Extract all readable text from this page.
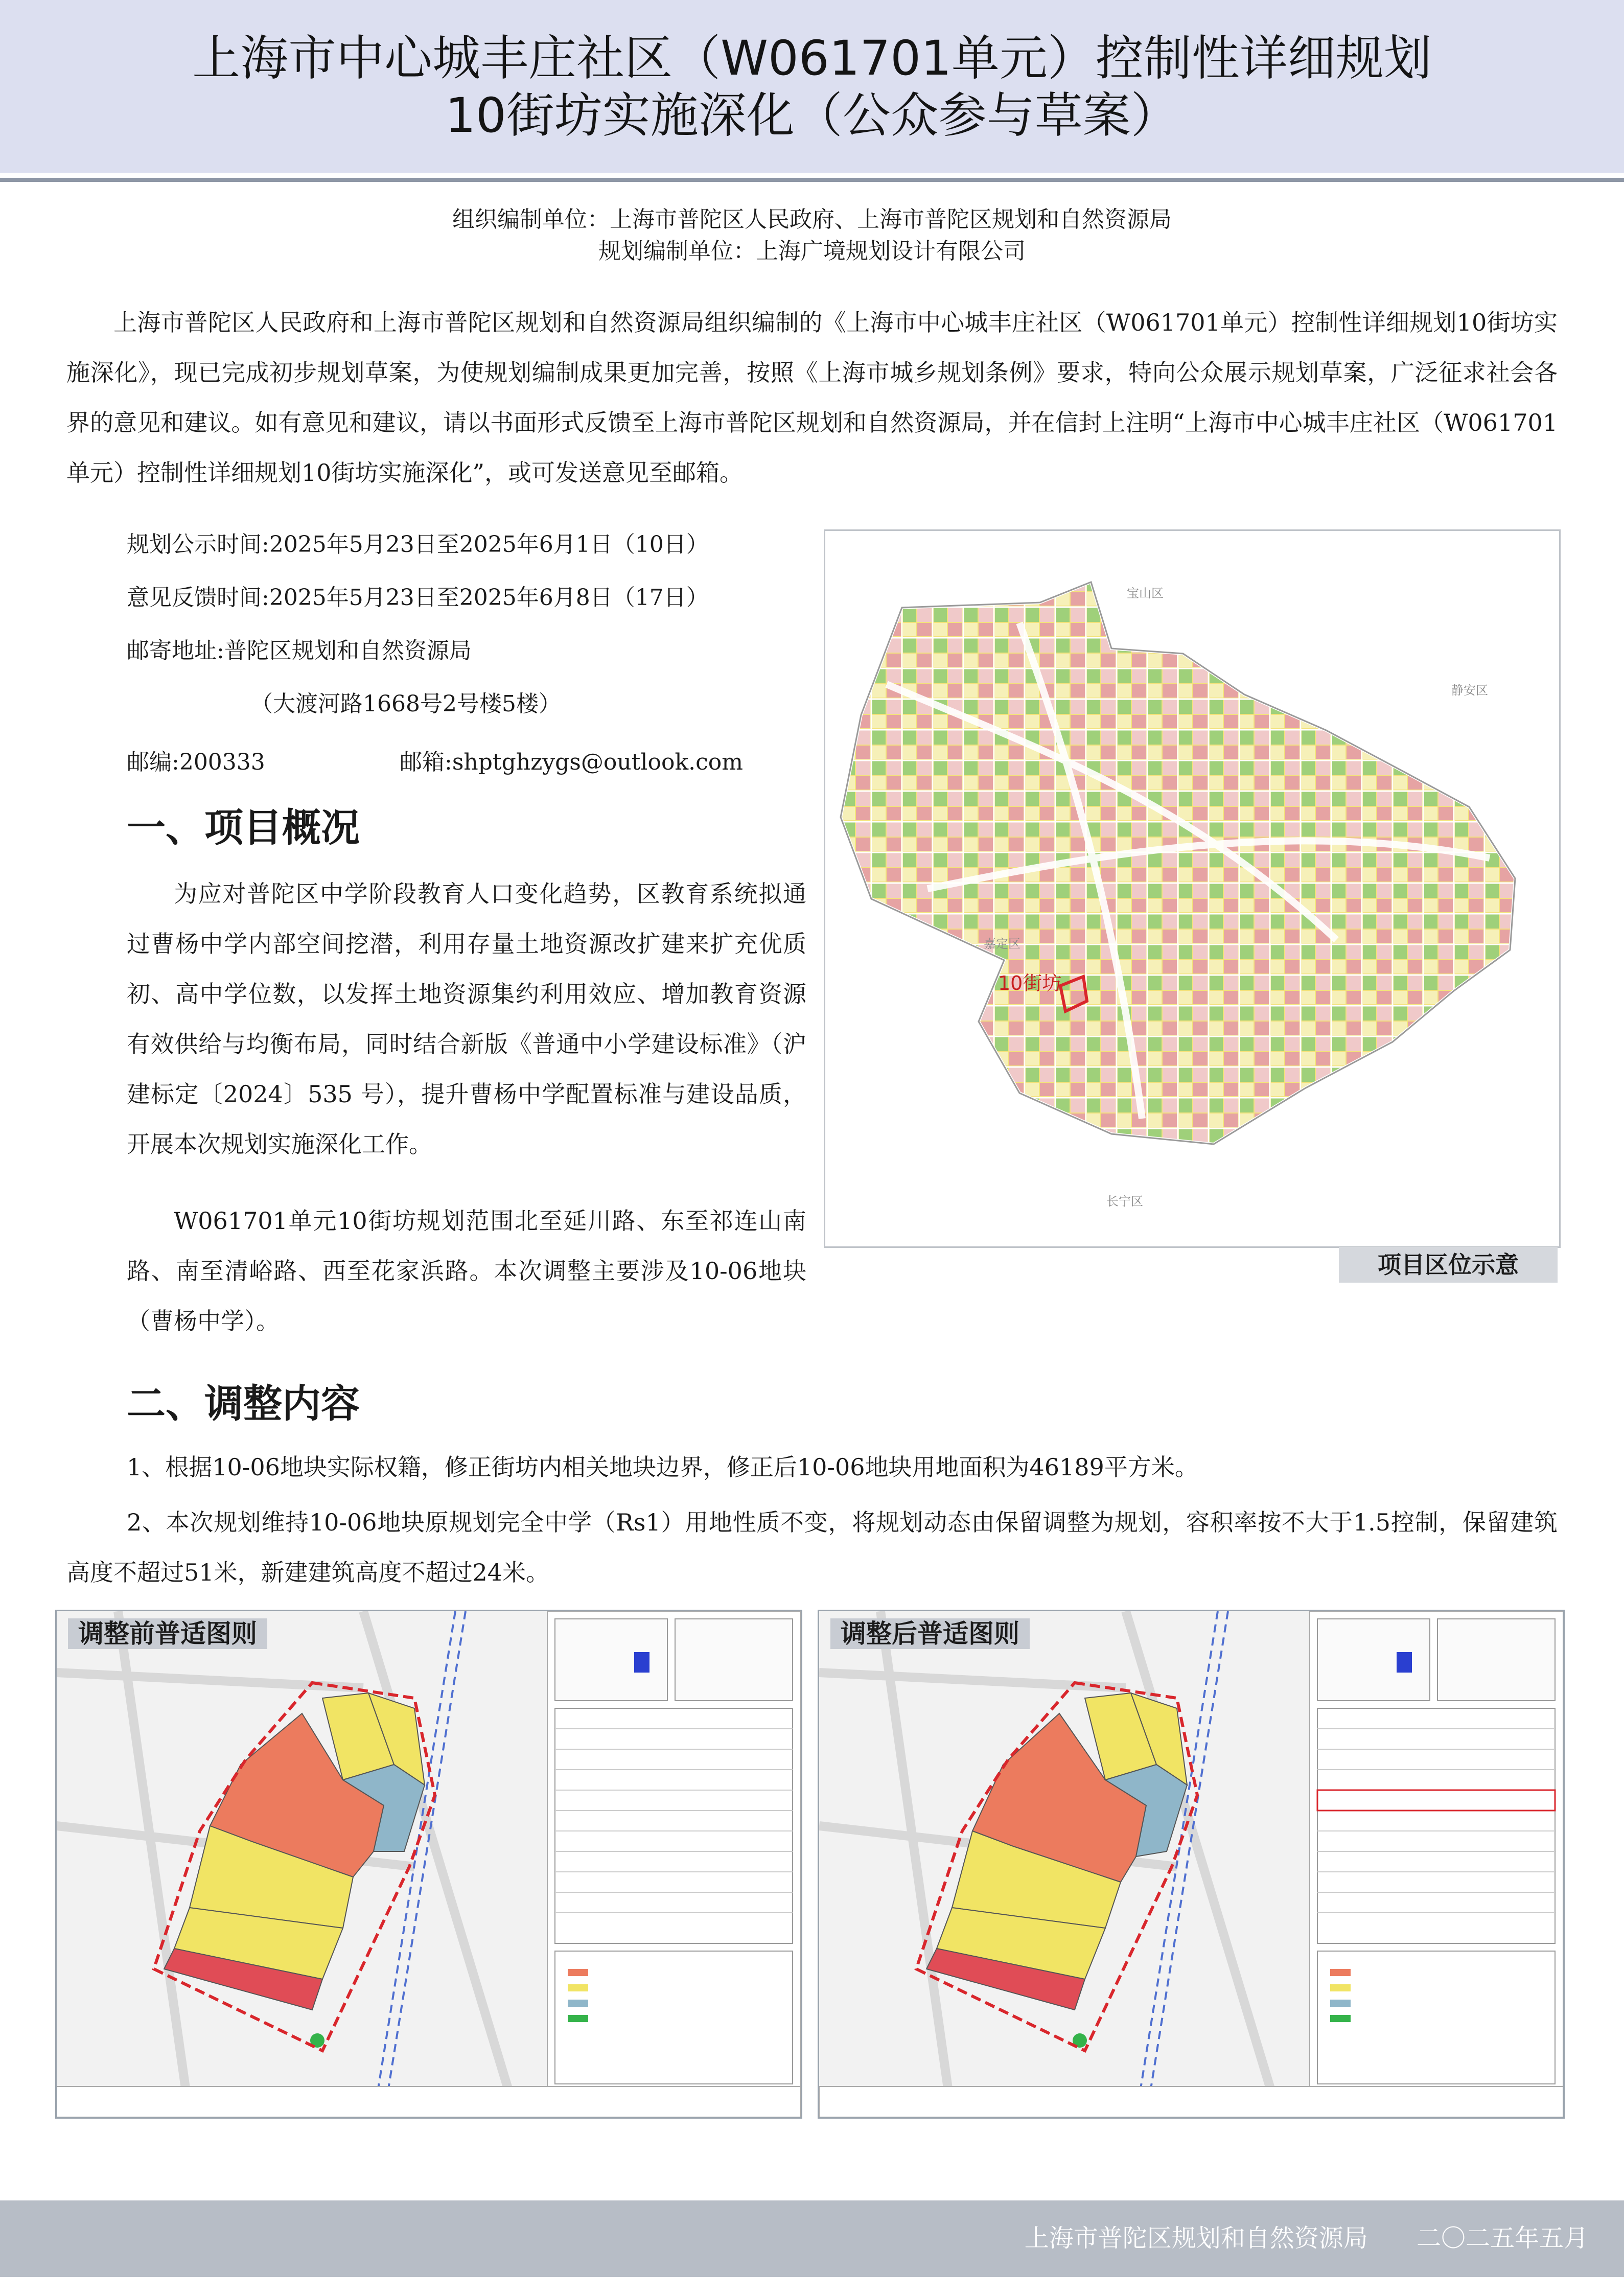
上海市中心城丰庄社区（W061701单元）控制性详细规划
10街坊实施深化（公众参与草案）
组织编制单位：上海市普陀区人民政府、上海市普陀区规划和自然资源局
规划编制单位：上海广境规划设计有限公司
上海市普陀区人民政府和上海市普陀区规划和自然资源局组织编制的《上海市中心城丰庄社区（W061701单元）控制性详细规划10街坊实施深化》，现已完成初步规划草案，为使规划编制成果更加完善，按照《上海市城乡规划条例》要求，特向公众展示规划草案，广泛征求社会各界的意见和建议。如有意见和建议，请以书面形式反馈至上海市普陀区规划和自然资源局，并在信封上注明“上海市中心城丰庄社区（W061701单元）控制性详细规划10街坊实施深化”，或可发送意见至邮箱。
规划公示时间:2025年5月23日至2025年6月1日（10日）
意见反馈时间:2025年5月23日至2025年6月8日（17日）
邮寄地址:普陀区规划和自然资源局
（大渡河路1668号2号楼5楼）
邮编:200333	邮箱:shptghzygs@outlook.com
一、项目概况
为应对普陀区中学阶段教育人口变化趋势，区教育系统拟通过曹杨中学内部空间挖潜，利用存量土地资源改扩建来扩充优质初、高中学位数，以发挥土地资源集约利用效应、增加教育资源有效供给与均衡布局，同时结合新版《普通中小学建设标准》（沪建标定〔2024〕535 号），提升曹杨中学配置标准与建设品质，开展本次规划实施深化工作。
W061701单元10街坊规划范围北至延川路、东至祁连山南路、南至清峪路、西至花家浜路。本次调整主要涉及10-06地块（曹杨中学）。
10街坊
宝山区
静安区
嘉定区
长宁区
项目区位示意
二、调整内容
1、根据10-06地块实际权籍，修正街坊内相关地块边界，修正后10-06地块用地面积为46189平方米。
2、本次规划维持10-06地块原规划完全中学（Rs1）用地性质不变，将规划动态由保留调整为规划，容积率按不大于1.5控制，保留建筑高度不超过51米，新建建筑高度不超过24米。
调整前普适图则	调整后普适图则
上海市普陀区规划和自然资源局 二〇二五年五月
